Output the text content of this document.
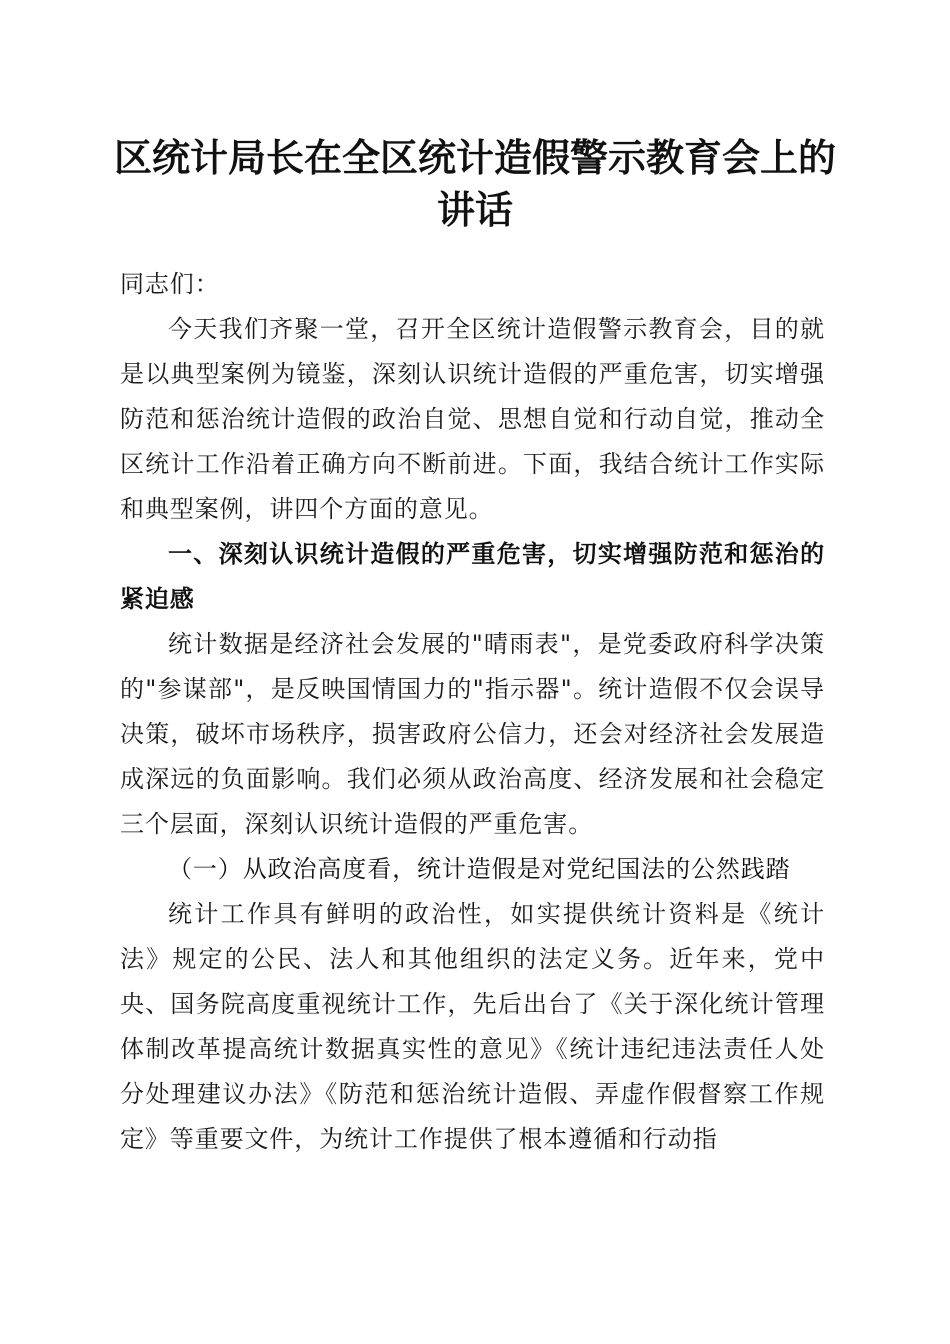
区统计局长在全区统计造假警示教育会上的讲话

同志们：

今天我们齐聚一堂，召开全区统计造假警示教育会，目的就是以典型案例为镜鉴，深刻认识统计造假的严重危害，切实增强防范和惩治统计造假的政治自觉、思想自觉和行动自觉，推动全区统计工作沿着正确方向不断前进。下面，我结合统计工作实际和典型案例，讲四个方面的意见。

一、深刻认识统计造假的严重危害，切实增强防范和惩治的紧迫感

统计数据是经济社会发展的"晴雨表"，是党委政府科学决策的"参谋部"，是反映国情国力的"指示器"。统计造假不仅会误导决策，破坏市场秩序，损害政府公信力，还会对经济社会发展造成深远的负面影响。我们必须从政治高度、经济发展和社会稳定三个层面，深刻认识统计造假的严重危害。

（一）从政治高度看，统计造假是对党纪国法的公然践踏

统计工作具有鲜明的政治性，如实提供统计资料是《统计法》规定的公民、法人和其他组织的法定义务。近年来，党中央、国务院高度重视统计工作，先后出台了《关于深化统计管理体制改革提高统计数据真实性的意见》《统计违纪违法责任人处分处理建议办法》《防范和惩治统计造假、弄虚作假督察工作规定》等重要文件，为统计工作提供了根本遵循和行动指
